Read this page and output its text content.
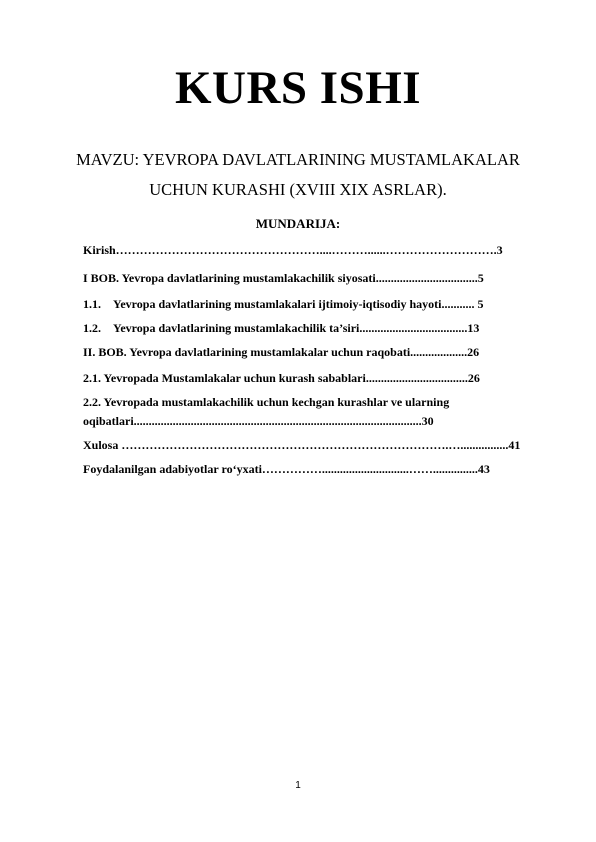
KURS ISHI
MAVZU: YEVROPA DAVLATLARINING MUSTAMLAKALAR
UCHUN KURASHI (XVIII XIX ASRLAR).
MUNDARIJA:
Kirish……………………………………………....………......……………………….3
I BOB. Yevropa davlatlarining mustamlakachilik siyosati..................................5
1.1. Yevropa davlatlarining mustamlakalari ijtimoiy-iqtisodiy hayoti........... 5
1.2. Yevropa davlatlarining mustamlakachilik ta’siri....................................13
II. BOB. Yevropa davlatlarining mustamlakalar uchun raqobati...................26
2.1. Yevropada Mustamlakalar uchun kurash sabablari..................................26
2.2. Yevropada mustamlakachilik uchun kechgan kurashlar ve ularning
oqibatlari................................................................................................30
Xulosa ……………………………………………………………………….…................41
Foydalanilgan adabiyotlar ro‘yxati…………….............................……...............43
1
